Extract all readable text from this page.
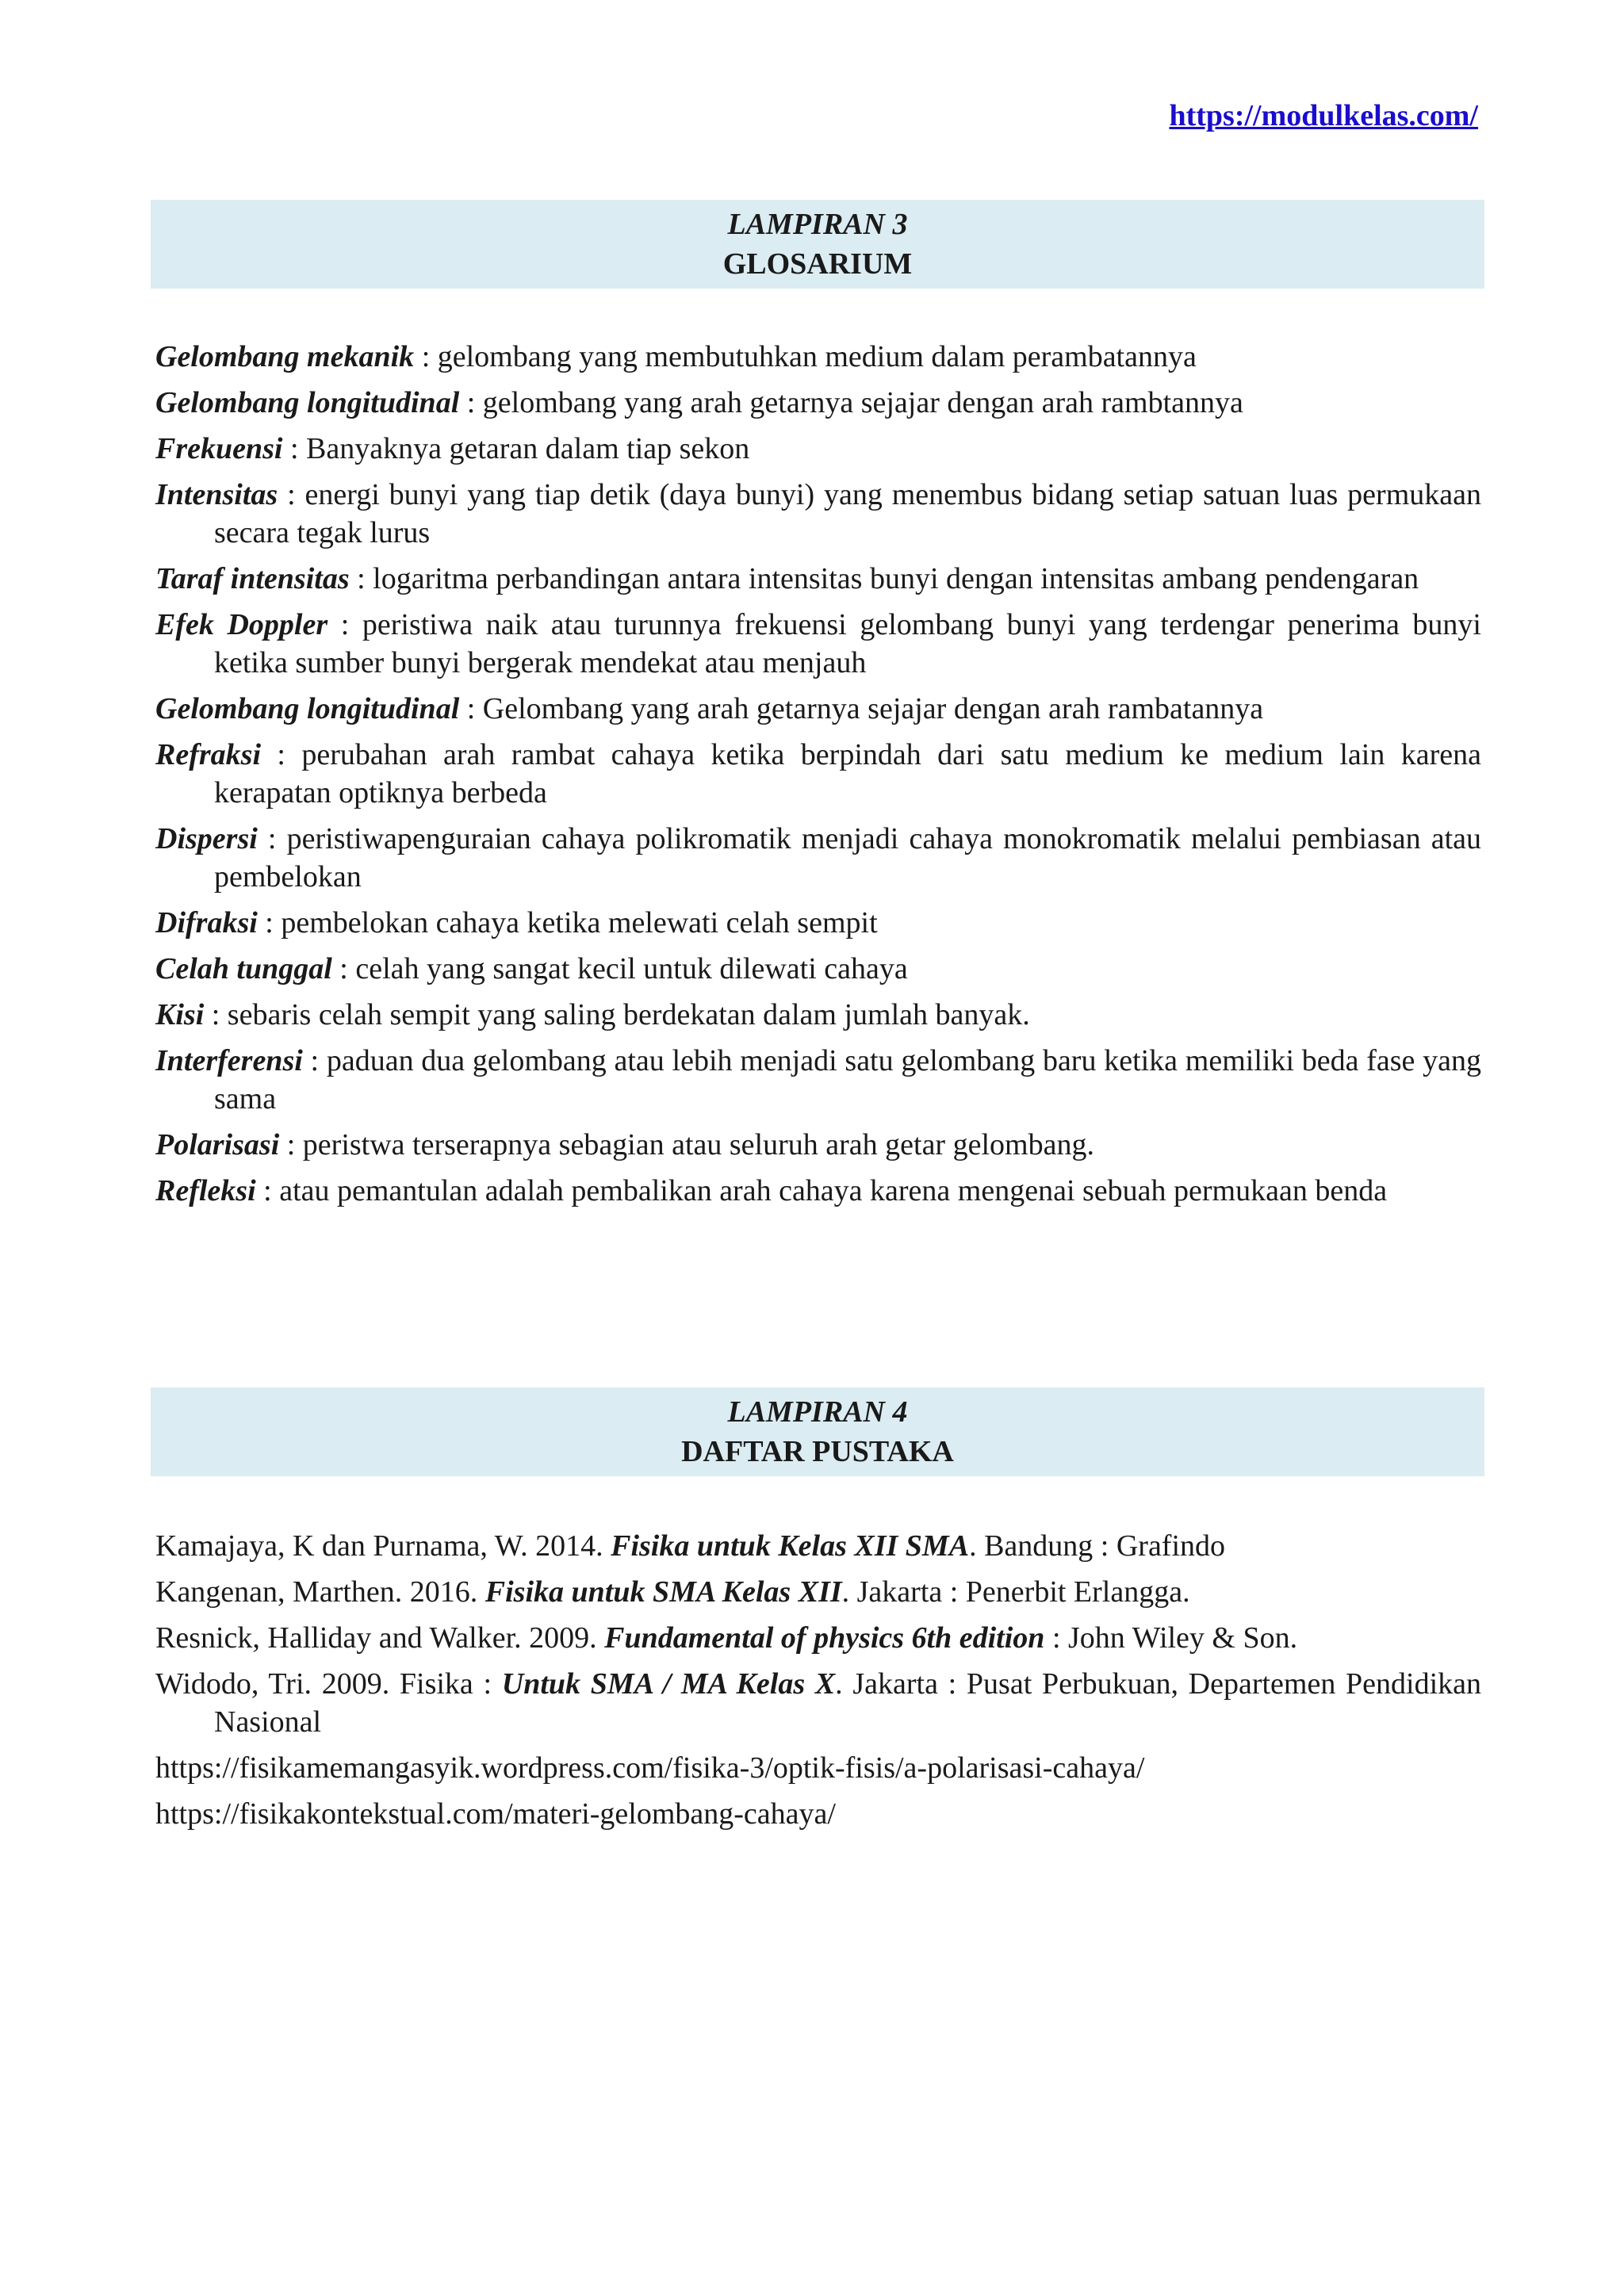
https://modulkelas.com/
LAMPIRAN 3
GLOSARIUM

Gelombang mekanik : gelombang yang membutuhkan medium dalam perambatannya

Gelombang longitudinal : gelombang yang arah getarnya sejajar dengan arah rambtannya

Frekuensi : Banyaknya getaran dalam tiap sekon

Intensitas : energi bunyi yang tiap detik (daya bunyi) yang menembus bidang setiap satuan luas permukaan secara tegak lurus

Taraf intensitas : logaritma perbandingan antara intensitas bunyi dengan intensitas ambang pendengaran

Efek Doppler : peristiwa naik atau turunnya frekuensi gelombang bunyi yang terdengar penerima bunyi ketika sumber bunyi bergerak mendekat atau menjauh

Gelombang longitudinal : Gelombang yang arah getarnya sejajar dengan arah rambatannya

Refraksi : perubahan arah rambat cahaya ketika berpindah dari satu medium ke medium lain karena kerapatan optiknya berbeda

Dispersi : peristiwapenguraian cahaya polikromatik menjadi cahaya monokromatik melalui pembiasan atau pembelokan

Difraksi : pembelokan cahaya ketika melewati celah sempit

Celah tunggal : celah yang sangat kecil untuk dilewati cahaya

Kisi : sebaris celah sempit yang saling berdekatan dalam jumlah banyak.

Interferensi : paduan dua gelombang atau lebih menjadi satu gelombang baru ketika memiliki beda fase yang sama

Polarisasi : peristwa terserapnya sebagian atau seluruh arah getar gelombang.

Refleksi : atau pemantulan adalah pembalikan arah cahaya karena mengenai sebuah permukaan benda

LAMPIRAN 4
DAFTAR PUSTAKA

Kamajaya, K dan Purnama, W. 2014. Fisika untuk Kelas XII SMA. Bandung : Grafindo

Kangenan, Marthen. 2016. Fisika untuk SMA Kelas XII. Jakarta : Penerbit Erlangga.

Resnick, Halliday and Walker. 2009. Fundamental of physics 6th edition : John Wiley & Son.

Widodo, Tri. 2009. Fisika : Untuk SMA / MA Kelas X. Jakarta : Pusat Perbukuan, Departemen Pendidikan Nasional

https://fisikamemangasyik.wordpress.com/fisika-3/optik-fisis/a-polarisasi-cahaya/

https://fisikakontekstual.com/materi-gelombang-cahaya/
